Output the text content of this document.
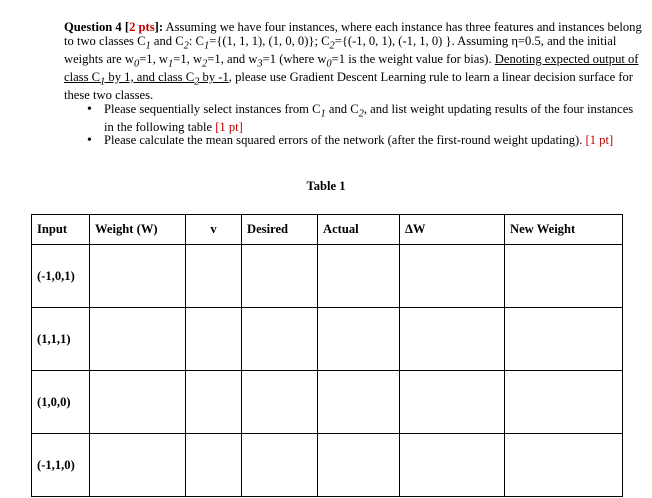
Question 4 [2 pts]: Assuming we have four instances, where each instance has three features and instances belong to two classes $C_1$ and $C_2$: $C_1=\{(1$, 1, 1), (1, 0, 0)}; $C_2=\{(-1$, 0, 1), (-1, 1, 0) }. Assuming η=0.5, and the initial weights are $w_0=1$, $w_1=1$, $w_2=1$, and $w_3=1$ (where $w_0=1$ is the weight value for bias). Denoting expected output of class $C_1$ by 1, and class $C_2$ by -1, please use Gradient Descent Learning rule to learn a linear decision surface for these two classes.

• Please sequentially select instances from $C_1$ and $C_2$, and list weight updating results of the four instances in the following table [1 pt]
• Please calculate the mean squared errors of the network (after the first-round weight updating). [1 pt]
Table 1
Input	Weight (W)	v	Desired	Actual	ΔW	New Weight
(-1,0,1)						
(1,1,1)						
(1,0,0)						
(-1,1,0)						
